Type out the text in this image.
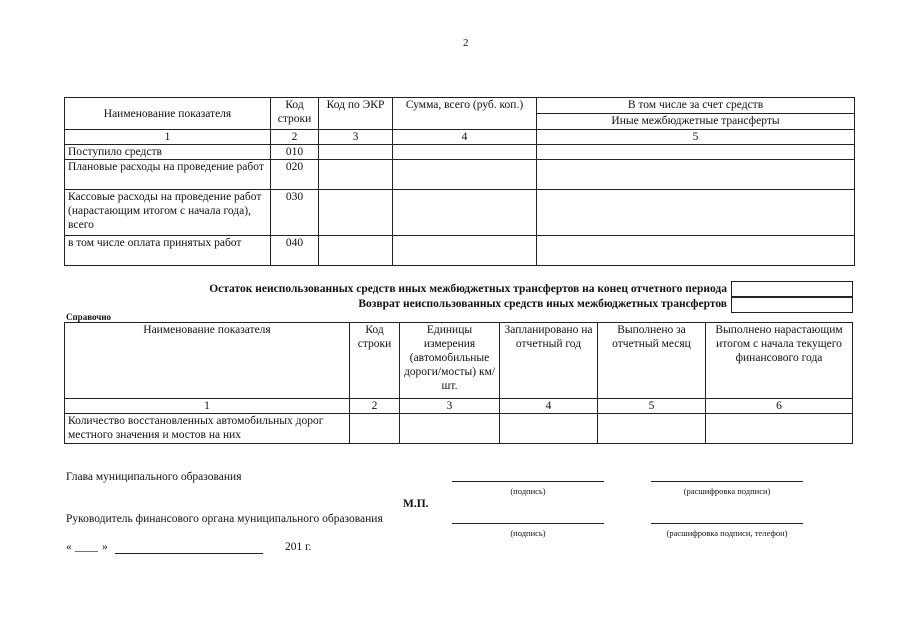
2
Наименование показателя	Код строки	Код по ЭКР	Сумма, всего (руб. коп.)	В том числе за счет средств
				Иные межбюджетные трансферты
1	2	3	4	5
Поступило средств	010			
Плановые расходы на проведение работ	020			
Кассовые расходы на проведение работ (нарастающим итогом с начала года), всего	030			
в том числе оплата принятых работ	040			
Остаток неиспользованных средств иных межбюджетных трансфертов на конец отчетного периода
Возврат неиспользованных средств иных межбюджетных трансфертов
Справочно
Наименование показателя	Код строки	Единицы измерения (автомобильные дороги/мосты) км/шт.	Запланировано на отчетный год	Выполнено за отчетный месяц	Выполнено нарастающим итогом с начала текущего финансового года
1	2	3	4	5	6
Количество восстановленных автомобильных дорог местного значения и мостов на них					
Глава муниципального образования
(подпись)	(расшифровка подписи)
М.П.
Руководитель финансового органа муниципального образования
(подпись)	(расшифровка подписи, телефон)
« ____ »	201 г.
